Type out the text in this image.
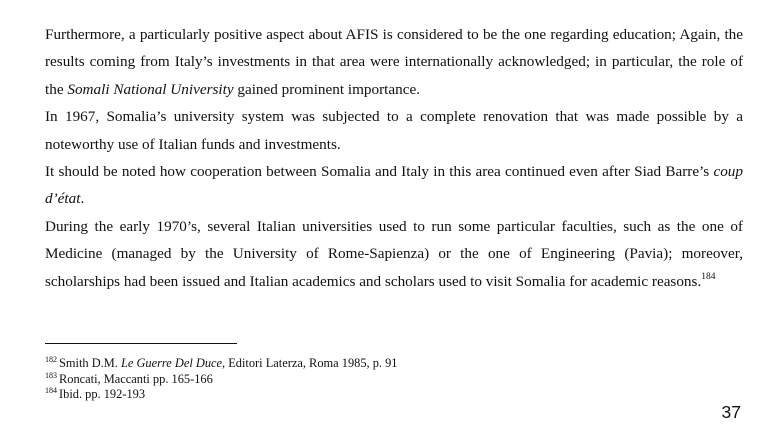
Furthermore, a particularly positive aspect about AFIS is considered to be the one regarding education; Again, the results coming from Italy’s investments in that area were internationally acknowledged; in particular, the role of the Somali National University gained prominent importance.

In 1967, Somalia’s university system was subjected to a complete renovation that was made possible by a noteworthy use of Italian funds and investments.

It should be noted how cooperation between Somalia and Italy in this area continued even after Siad Barre’s coup d’état.

During the early 1970’s, several Italian universities used to run some particular faculties, such as the one of Medicine (managed by the University of Rome-Sapienza) or the one of Engineering (Pavia); moreover, scholarships had been issued and Italian academics and scholars used to visit Somalia for academic reasons.$^{184}$

$^{182}$ Smith D.M. Le Guerre Del Duce, Editori Laterza, Roma 1985, p. 91

$^{183}$ Roncati, Maccanti pp. 165-166

$^{184}$ Ibid. pp. 192-193

37
